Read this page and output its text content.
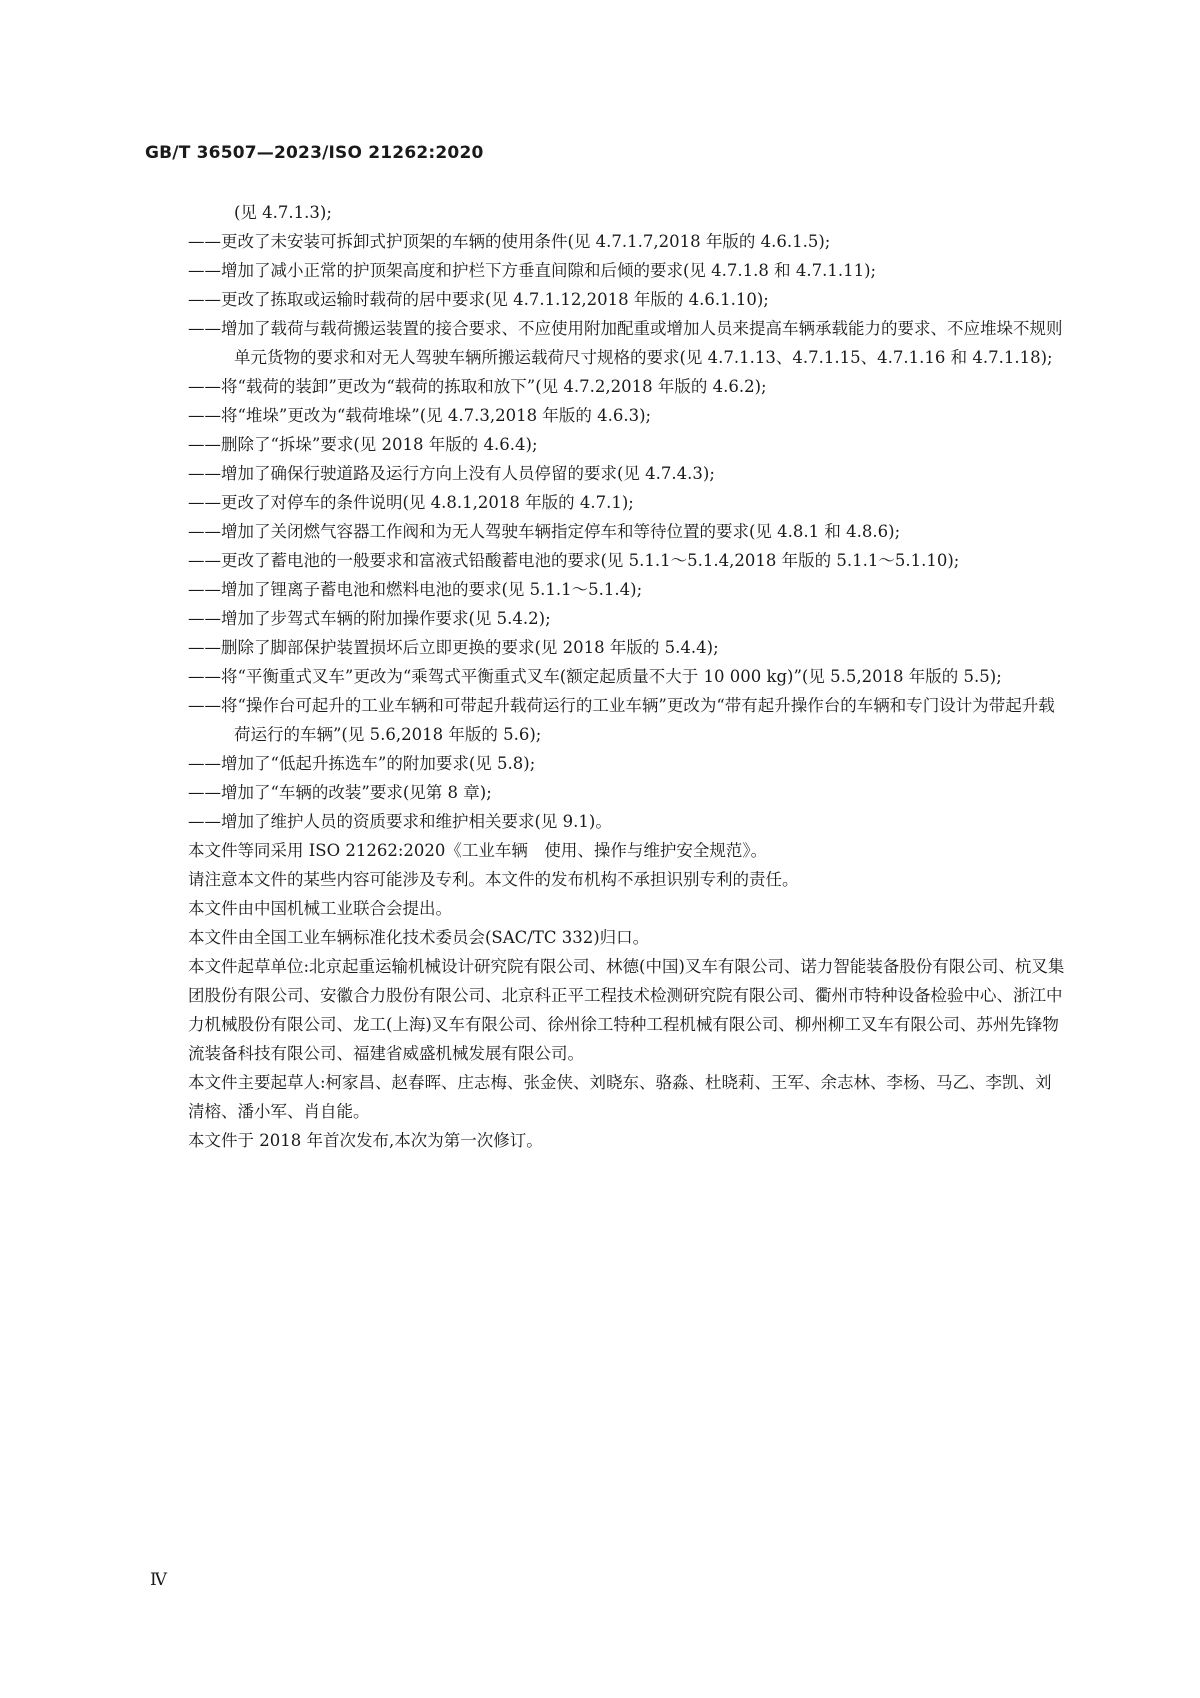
GB/T 36507—2023/ISO 21262:2020

(见 4.7.1.3);

——更改了未安装可拆卸式护顶架的车辆的使用条件(见 4.7.1.7,2018 年版的 4.6.1.5);

——增加了减小正常的护顶架高度和护栏下方垂直间隙和后倾的要求(见 4.7.1.8 和 4.7.1.11);

——更改了拣取或运输时载荷的居中要求(见 4.7.1.12,2018 年版的 4.6.1.10);

——增加了载荷与载荷搬运装置的接合要求、不应使用附加配重或增加人员来提高车辆承载能力的要求、不应堆垛不规则单元货物的要求和对无人驾驶车辆所搬运载荷尺寸规格的要求(见 4.7.1.13、4.7.1.15、4.7.1.16 和 4.7.1.18);

——将“载荷的装卸”更改为“载荷的拣取和放下”(见 4.7.2,2018 年版的 4.6.2);

——将“堆垛”更改为“载荷堆垛”(见 4.7.3,2018 年版的 4.6.3);

——删除了“拆垛”要求(见 2018 年版的 4.6.4);

——增加了确保行驶道路及运行方向上没有人员停留的要求(见 4.7.4.3);

——更改了对停车的条件说明(见 4.8.1,2018 年版的 4.7.1);

——增加了关闭燃气容器工作阀和为无人驾驶车辆指定停车和等待位置的要求(见 4.8.1 和 4.8.6);

——更改了蓄电池的一般要求和富液式铅酸蓄电池的要求(见 5.1.1～5.1.4,2018 年版的 5.1.1～5.1.10);

——增加了锂离子蓄电池和燃料电池的要求(见 5.1.1～5.1.4);

——增加了步驾式车辆的附加操作要求(见 5.4.2);

——删除了脚部保护装置损坏后立即更换的要求(见 2018 年版的 5.4.4);

——将“平衡重式叉车”更改为“乘驾式平衡重式叉车(额定起质量不大于 10 000 kg)”(见 5.5,2018 年版的 5.5);

——将“操作台可起升的工业车辆和可带起升载荷运行的工业车辆”更改为“带有起升操作台的车辆和专门设计为带起升载荷运行的车辆”(见 5.6,2018 年版的 5.6);

——增加了“低起升拣选车”的附加要求(见 5.8);

——增加了“车辆的改装”要求(见第 8 章);

——增加了维护人员的资质要求和维护相关要求(见 9.1)。

本文件等同采用 ISO 21262:2020《工业车辆　使用、操作与维护安全规范》。

请注意本文件的某些内容可能涉及专利。本文件的发布机构不承担识别专利的责任。

本文件由中国机械工业联合会提出。

本文件由全国工业车辆标准化技术委员会(SAC/TC 332)归口。

本文件起草单位:北京起重运输机械设计研究院有限公司、林德(中国)叉车有限公司、诺力智能装备股份有限公司、杭叉集团股份有限公司、安徽合力股份有限公司、北京科正平工程技术检测研究院有限公司、衢州市特种设备检验中心、浙江中力机械股份有限公司、龙工(上海)叉车有限公司、徐州徐工特种工程机械有限公司、柳州柳工叉车有限公司、苏州先锋物流装备科技有限公司、福建省威盛机械发展有限公司。

本文件主要起草人:柯家昌、赵春晖、庄志梅、张金侠、刘晓东、骆淼、杜晓莉、王军、余志林、李杨、马乙、李凯、刘清榕、潘小军、肖自能。

本文件于 2018 年首次发布,本次为第一次修订。

Ⅳ
